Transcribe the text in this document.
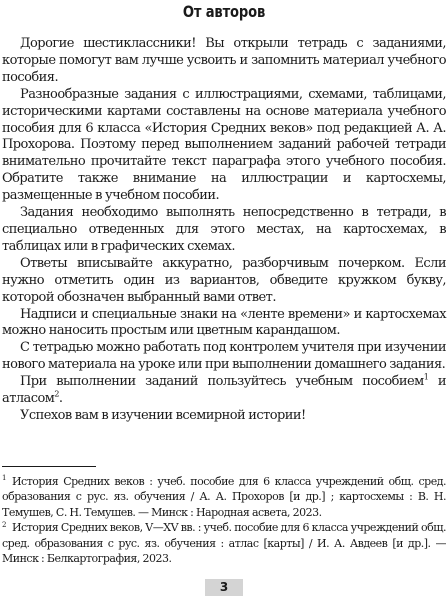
От авторов

Дорогие шестиклассники! Вы открыли тетрадь с заданиями, которые помогут вам лучше усвоить и запомнить материал учебного пособия.

Разнообразные задания с иллюстрациями, схемами, таблицами, историческими картами составлены на основе материала учебного пособия для 6 класса «История Средних веков» под редакцией А. А. Прохорова. Поэтому перед выполнением заданий рабочей тетради внимательно прочитайте текст параграфа этого учебного пособия. Обратите также внимание на иллюстрации и картосхемы, размещенные в учебном пособии.

Задания необходимо выполнять непосредственно в тетради, в специально отведенных для этого местах, на картосхемах, в таблицах или в графических схемах.

Ответы вписывайте аккуратно, разборчивым почерком. Если нужно отметить один из вариантов, обведите кружком букву, которой обозначен выбранный вами ответ.

Надписи и специальные знаки на «ленте времени» и картосхемах можно наносить простым или цветным карандашом.

С тетрадью можно работать под контролем учителя при изучении нового материала на уроке или при выполнении домашнего задания.

При выполнении заданий пользуйтесь учебным пособием$^1$ и атласом$^2$.

Успехов вам в изучении всемирной истории!

$^1$ История Средних веков : учеб. пособие для 6 класса учреждений общ. сред. образования с рус. яз. обучения / А. А. Прохоров [и др.] ; картосхемы : В. Н. Темушев, С. Н. Темушев. — Минск : Народная асвета, 2023.

$^2$ История Средних веков, V—XV вв. : учеб. пособие для 6 класса учреждений общ. сред. образования с рус. яз. обучения : атлас [карты] / И. А. Авдеев [и др.]. — Минск : Белкартография, 2023.

3
